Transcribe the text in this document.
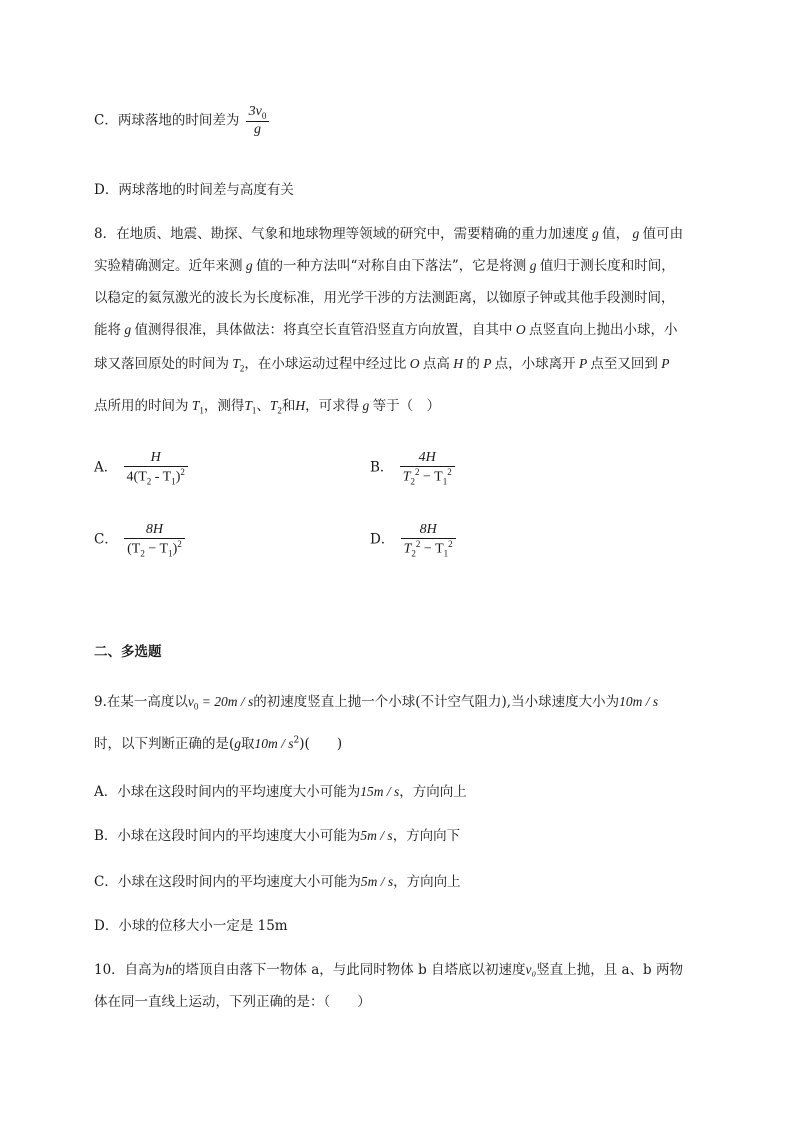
C．两球落地的时间差为 $\frac{3v_0}{g}$
D．两球落地的时间差与高度有关
8．在地质、地震、勘探、气象和地球物理等领域的研究中，需要精确的重力加速度 g 值， g 值可由
实验精确测定。近年来测 g 值的一种方法叫“对称自由下落法”，它是将测 g 值归于测长度和时间，
以稳定的氦氖激光的波长为长度标准，用光学干涉的方法测距离，以铷原子钟或其他手段测时间，
能将 g 值测得很准，具体做法：将真空长直管沿竖直方向放置，自其中 O 点竖直向上抛出小球，小
球又落回原处的时间为 $T_2$，在小球运动过程中经过比 O 点高 H 的 P 点，小球离开 P 点至又回到 P
点所用的时间为 $T_1$，测得$T_1$、$T_2$和H，可求得 g 等于（　）
A． $\frac{H}{4(T_2 - T_1)^2}$	B． $\frac{4H}{T_2^2 - T_1^2}$
C． $\frac{8H}{(T_2 - T_1)^2}$	D． $\frac{8H}{T_2^2 - T_1^2}$
二、多选题
9.在某一高度以$v_0 = 20m / s$的初速度竖直上抛一个小球(不计空气阻力),当小球速度大小为10m / s
时，以下判断正确的是(g取$10m / s^2$)(　　)
A．小球在这段时间内的平均速度大小可能为15m / s，方向向上
B．小球在这段时间内的平均速度大小可能为5m / s，方向向下
C．小球在这段时间内的平均速度大小可能为5m / s，方向向上
D．小球的位移大小一定是 15m
10．自高为h的塔顶自由落下一物体 a，与此同时物体 b 自塔底以初速度v₀竖直上抛，且 a、b 两物
体在同一直线上运动，下列正确的是：（　　）
